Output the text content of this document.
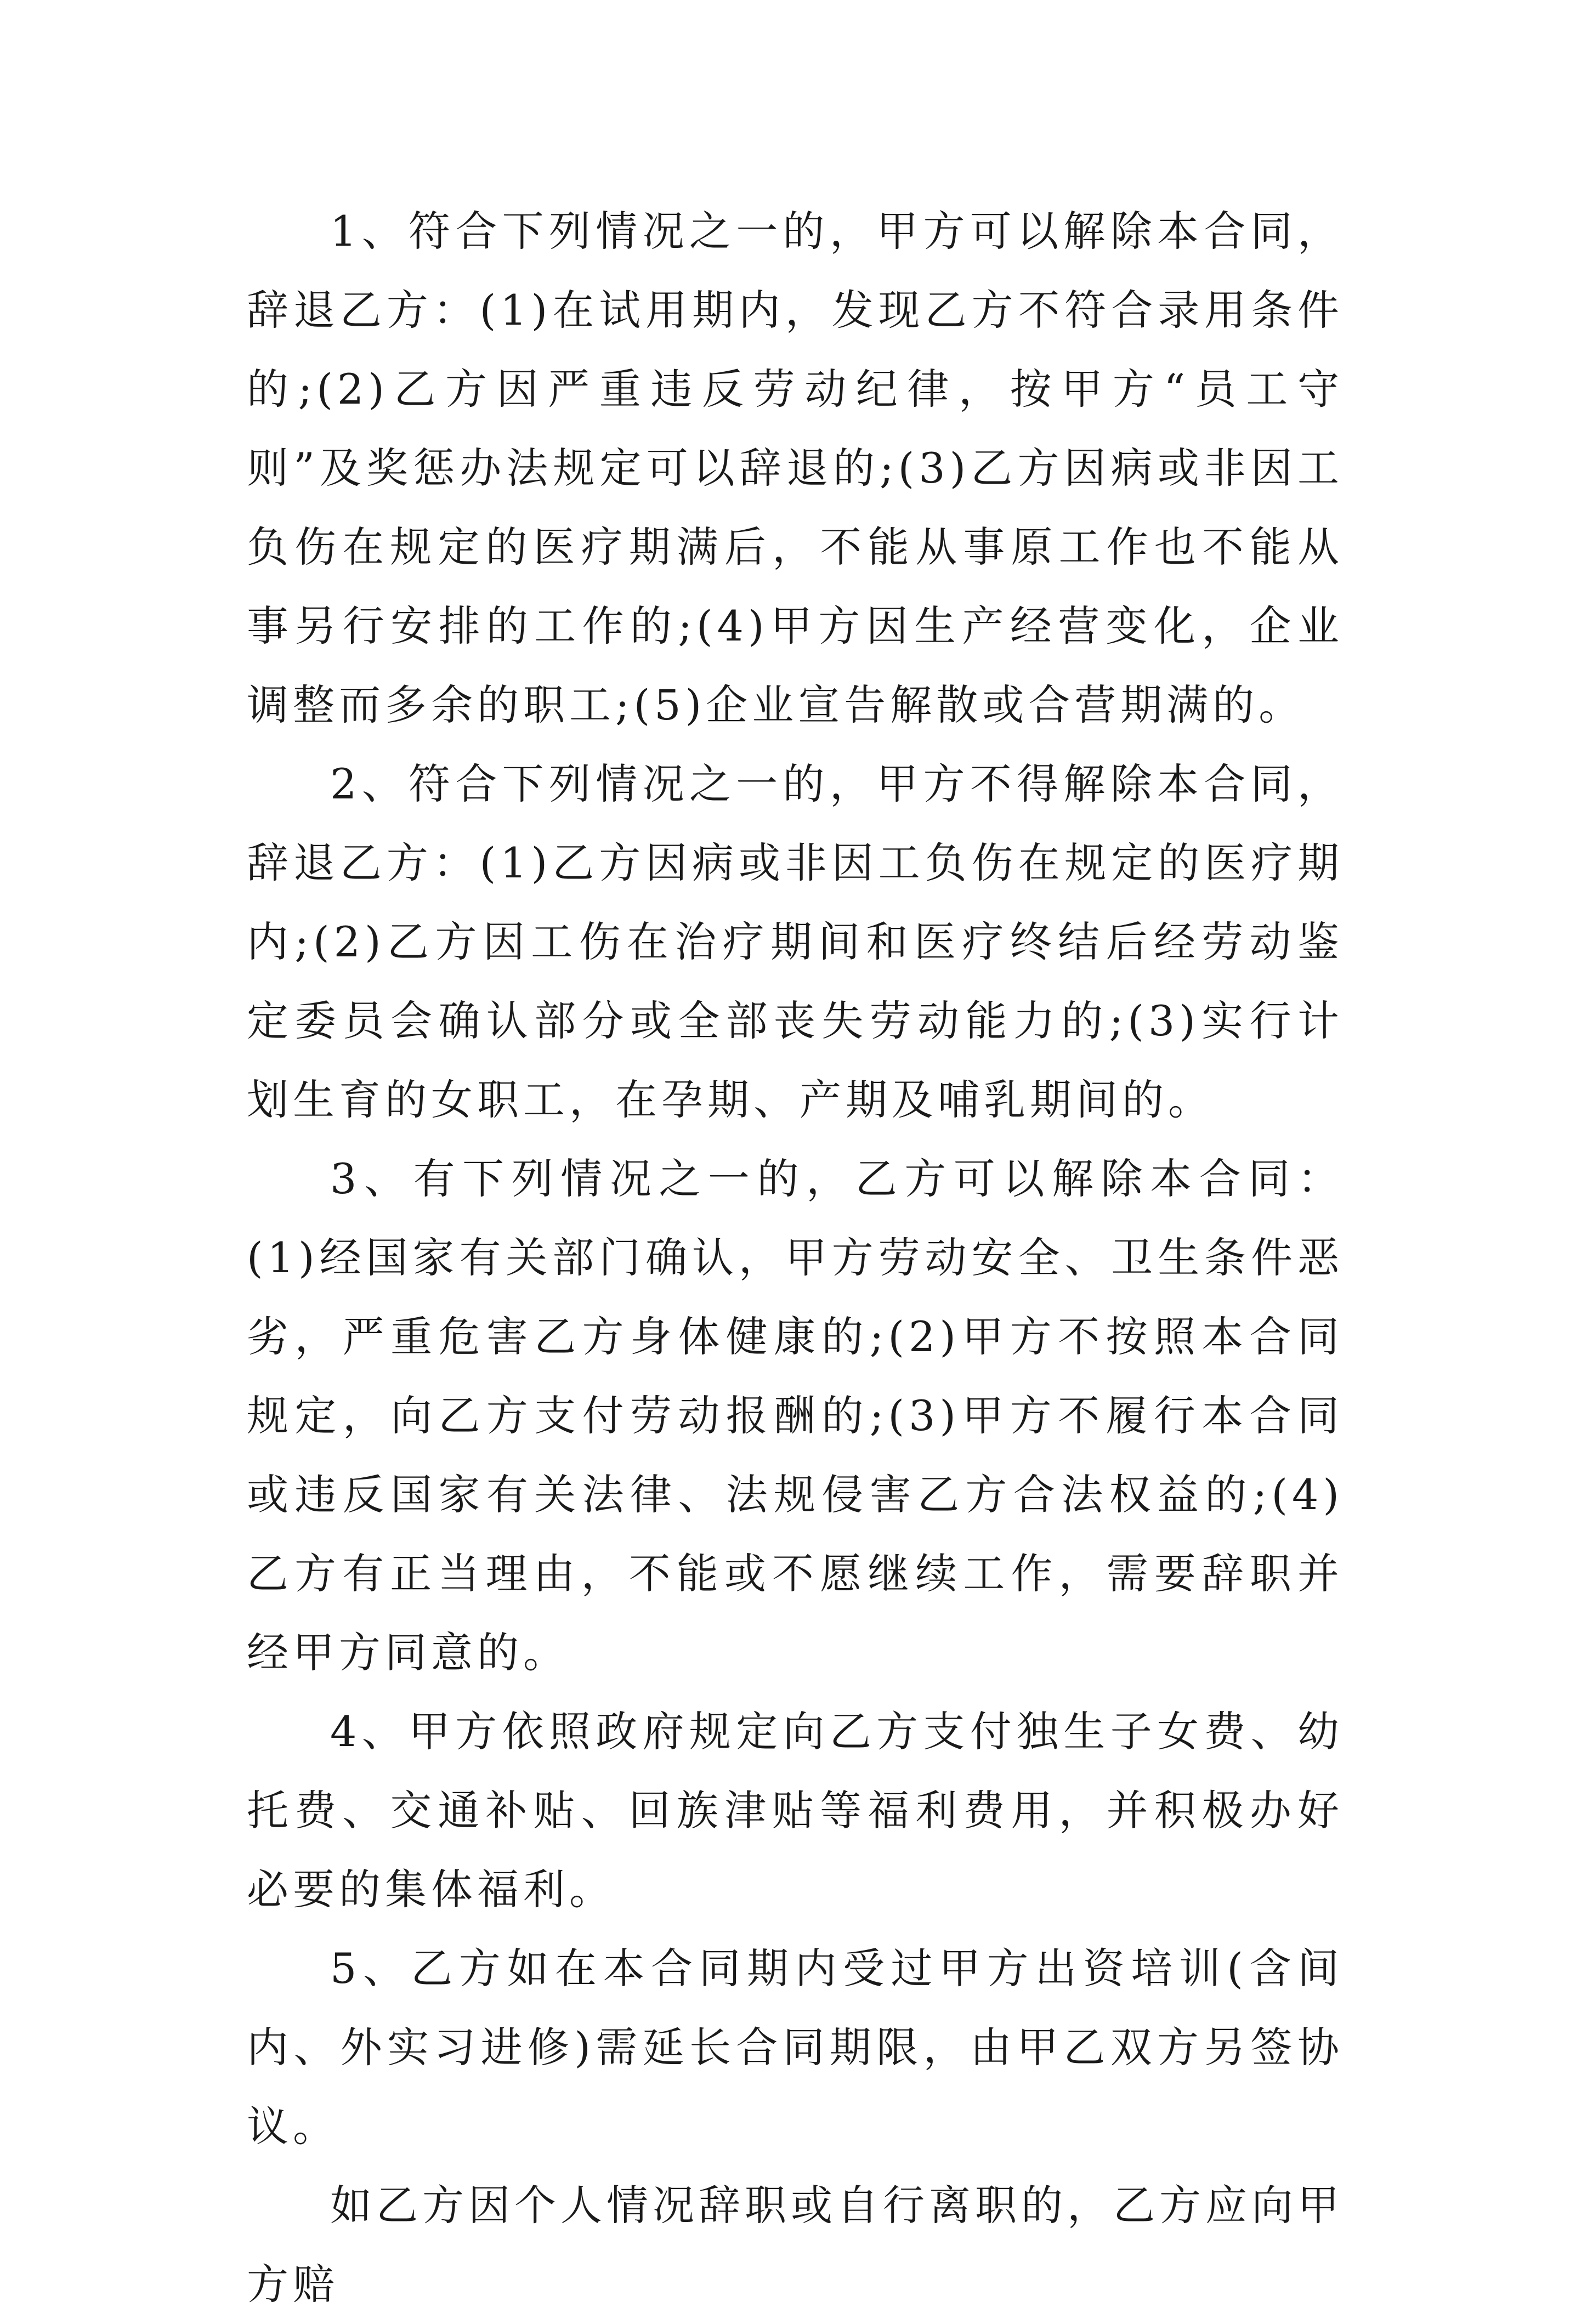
1、符合下列情况之一的，甲方可以解除本合同，辞退乙方：(1)在试用期内，发现乙方不符合录用条件的;(2)乙方因严重违反劳动纪律，按甲方“员工守则”及奖惩办法规定可以辞退的;(3)乙方因病或非因工负伤在规定的医疗期满后，不能从事原工作也不能从事另行安排的工作的;(4)甲方因生产经营变化，企业调整而多余的职工;(5)企业宣告解散或合营期满的。

2、符合下列情况之一的，甲方不得解除本合同，辞退乙方：(1)乙方因病或非因工负伤在规定的医疗期内;(2)乙方因工伤在治疗期间和医疗终结后经劳动鉴定委员会确认部分或全部丧失劳动能力的;(3)实行计划生育的女职工，在孕期、产期及哺乳期间的。

3、有下列情况之一的，乙方可以解除本合同：(1)经国家有关部门确认，甲方劳动安全、卫生条件恶劣，严重危害乙方身体健康的;(2)甲方不按照本合同规定，向乙方支付劳动报酬的;(3)甲方不履行本合同或违反国家有关法律、法规侵害乙方合法权益的;(4)乙方有正当理由，不能或不愿继续工作，需要辞职并经甲方同意的。

4、甲方依照政府规定向乙方支付独生子女费、幼托费、交通补贴、回族津贴等福利费用，并积极办好必要的集体福利。

5、乙方如在本合同期内受过甲方出资培训(含间内、外实习进修)需延长合同期限，由甲乙双方另签协议。

如乙方因个人情况辞职或自行离职的，乙方应向甲方赔
